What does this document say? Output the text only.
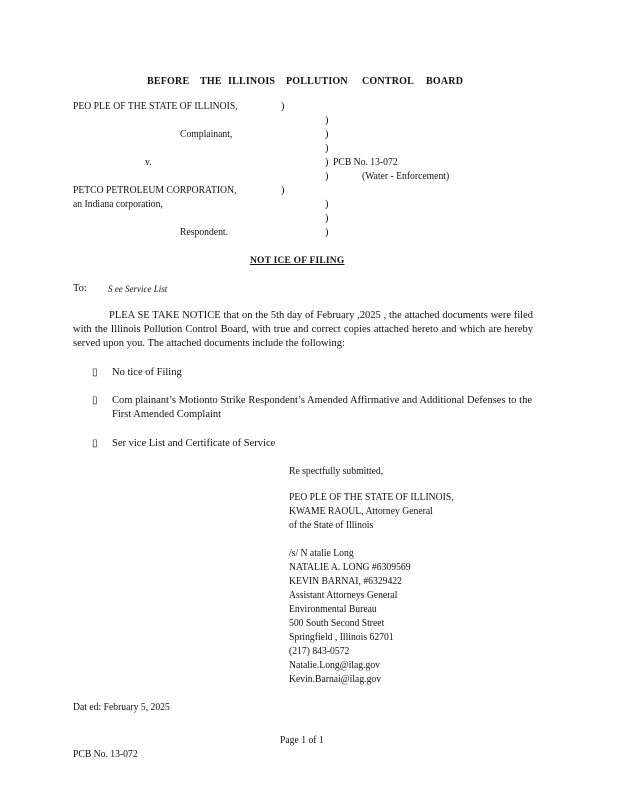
BEFORE THE ILLINOIS POLLUTION CONTROL BOARD
PEO PLE OF THE STATE OF ILLINOIS,	)
)
Complainant,	)
)
v.	) PCB No. 13-072
)	(Water - Enforcement)
PETCO PETROLEUM CORPORATION,	)
an Indiana corporation,	)
)
Respondent.	)
NOT ICE OF FILING
To: S ee Service List
PLEA SE TAKE NOTICE that on the 5th day of February ,2025 , the attached documents were filed with the Illinois Pollution Control Board, with true and correct copies attached hereto and which are hereby served upon you. The attached documents include the following:
▯ No tice of Filing
▯ Com plainant’s Motionto Strike Respondent’s Amended Affirmative and Additional Defenses to the First Amended Complaint
▯ Ser vice List and Certificate of Service
Re spectfully submitted,
PEO PLE OF THE STATE OF ILLINOIS,
KWAME RAOUL, Attorney General
of the State of Illinois
/s/ N atalie Long
NATALIE A. LONG #6309569
KEVIN BARNAI, #6329422
Assistant Attorneys General
Environmental Bureau
500 South Second Street
Springfield , Illinois 62701
(217) 843-0572
Natalie.Long@ilag.gov
Kevin.Barnai@ilag.gov
Dat ed: February 5, 2025
Page 1 of 1
PCB No. 13-072
